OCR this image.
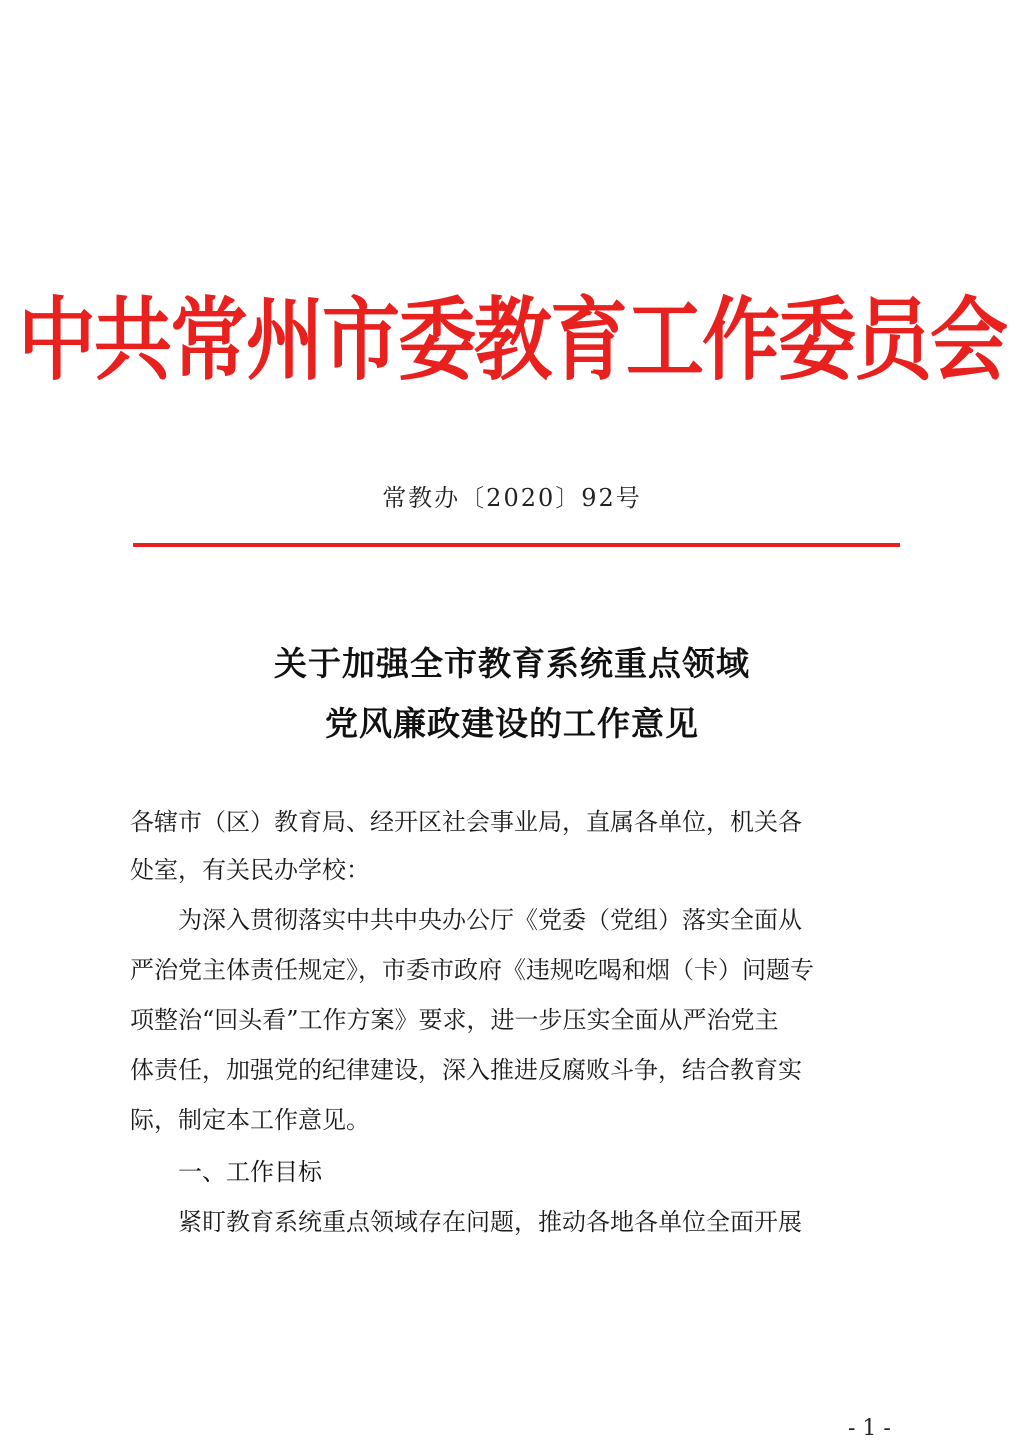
中共常州市委教育工作委员会
常教办〔2020〕92号
关于加强全市教育系统重点领域
党风廉政建设的工作意见
各辖市（区）教育局、经开区社会事业局，直属各单位，机关各
处室，有关民办学校：
为深入贯彻落实中共中央办公厅《党委（党组）落实全面从
严治党主体责任规定》，市委市政府《违规吃喝和烟（卡）问题专
项整治“回头看”工作方案》要求，进一步压实全面从严治党主
体责任，加强党的纪律建设，深入推进反腐败斗争，结合教育实
际，制定本工作意见。
一、工作目标
紧盯教育系统重点领域存在问题，推动各地各单位全面开展
- 1 -
